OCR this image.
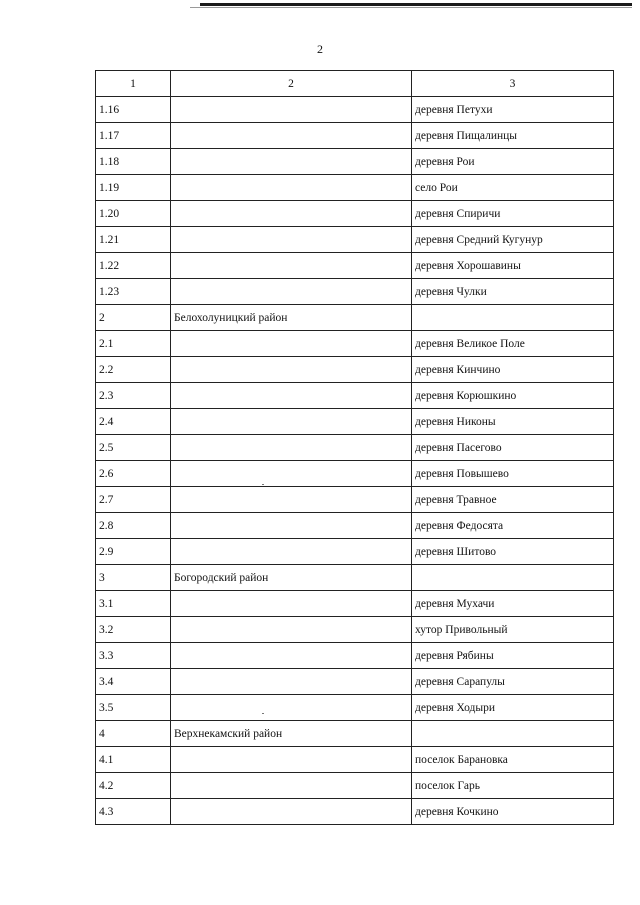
2
1	2	3
1.16		деревня Петухи
1.17		деревня Пищалинцы
1.18		деревня Рои
1.19		село Рои
1.20		деревня Спиричи
1.21		деревня Средний Кугунур
1.22		деревня Хорошавины
1.23		деревня Чулки
2	Белохолуницкий район	
2.1		деревня Великое Поле
2.2		деревня Кинчино
2.3		деревня Корюшкино
2.4		деревня Никоны
2.5		деревня Пасегово
2.6		деревня Повышево
2.7		деревня Травное
2.8		деревня Федосята
2.9		деревня Шитово
3	Богородский район	
3.1		деревня Мухачи
3.2		хутор Привольный
3.3		деревня Рябины
3.4		деревня Сарапулы
3.5		деревня Ходыри
4	Верхнекамский район	
4.1		поселок Барановка
4.2		поселок Гарь
4.3		деревня Кочкино
